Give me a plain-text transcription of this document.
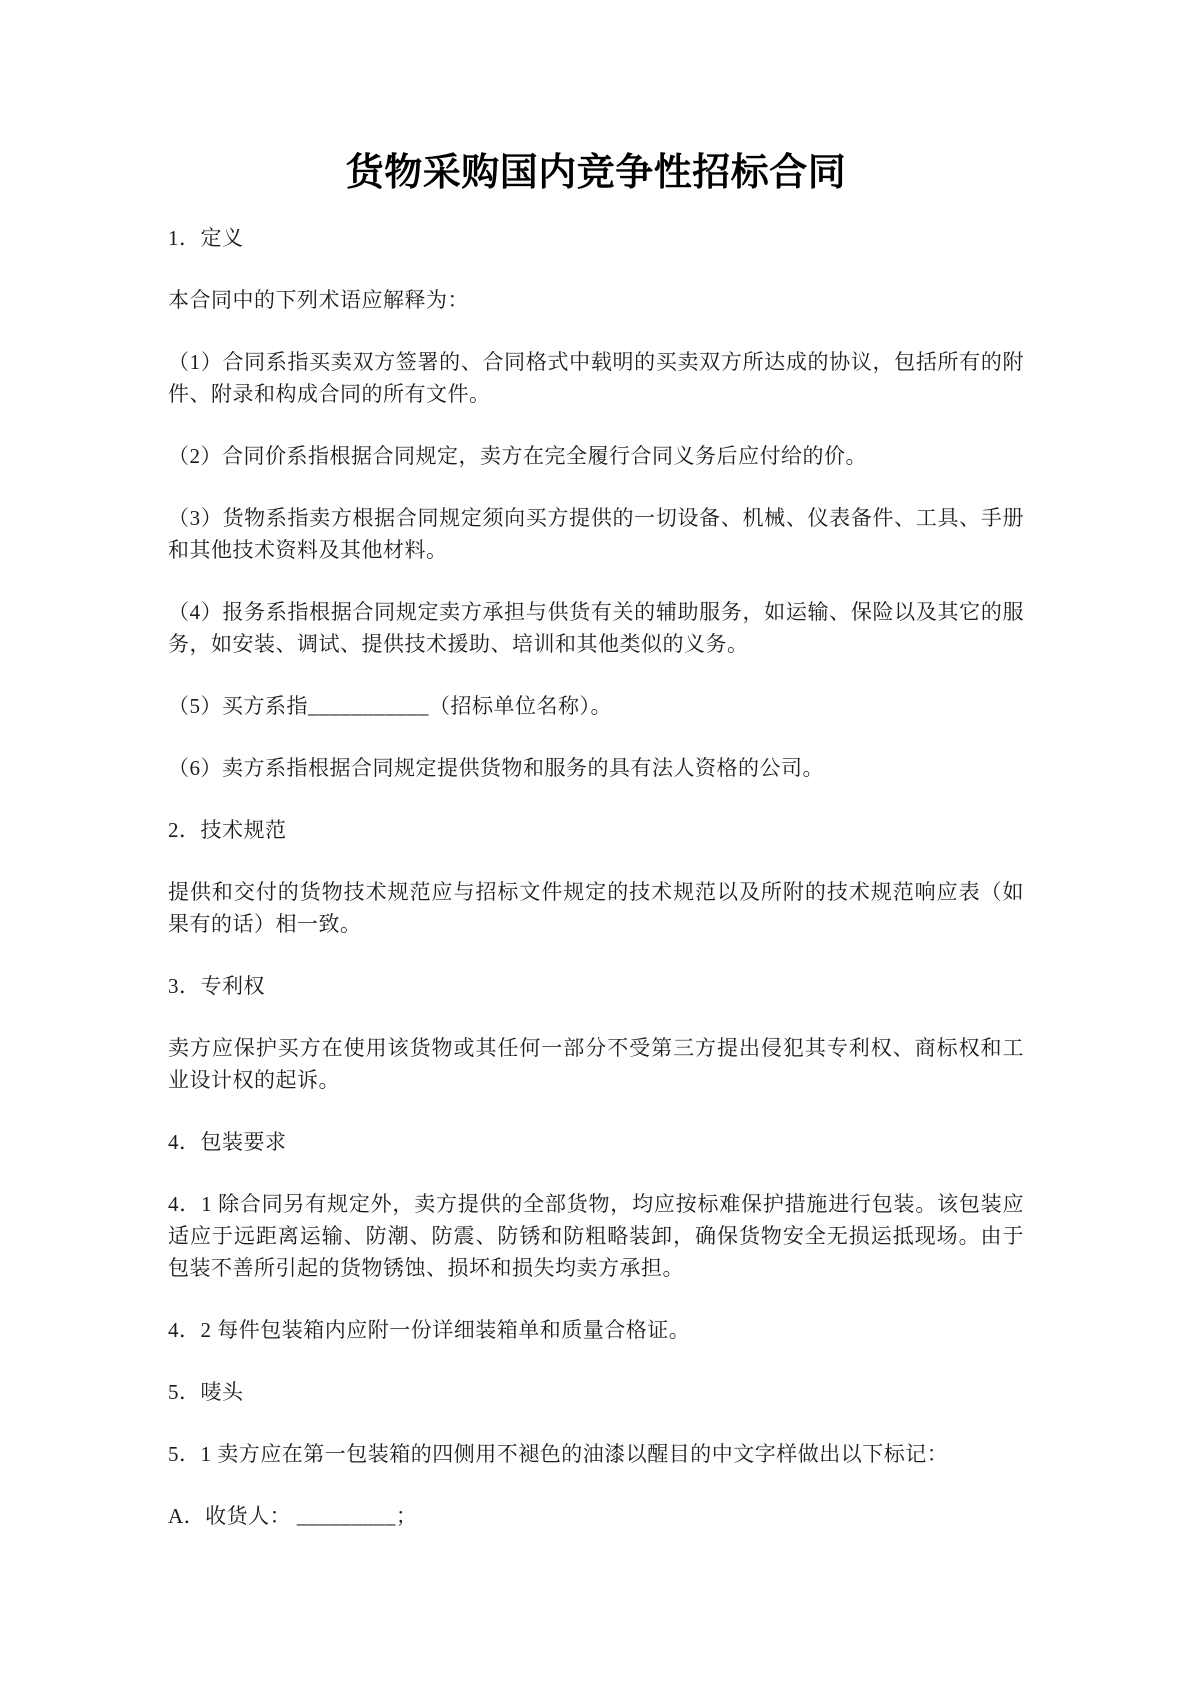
货物采购国内竞争性招标合同

1．定义

本合同中的下列术语应解释为：

（1）合同系指买卖双方签署的、合同格式中载明的买卖双方所达成的协议，包括所有的附件、附录和构成合同的所有文件。

（2）合同价系指根据合同规定，卖方在完全履行合同义务后应付给的价。

（3）货物系指卖方根据合同规定须向买方提供的一切设备、机械、仪表备件、工具、手册和其他技术资料及其他材料。

（4）报务系指根据合同规定卖方承担与供货有关的辅助服务，如运输、保险以及其它的服务，如安装、调试、提供技术援助、培训和其他类似的义务。

（5）买方系指___________（招标单位名称）。

（6）卖方系指根据合同规定提供货物和服务的具有法人资格的公司。

2．技术规范

提供和交付的货物技术规范应与招标文件规定的技术规范以及所附的技术规范响应表（如果有的话）相一致。

3．专利权

卖方应保护买方在使用该货物或其任何一部分不受第三方提出侵犯其专利权、商标权和工业设计权的起诉。

4．包装要求

4．1 除合同另有规定外，卖方提供的全部货物，均应按标难保护措施进行包装。该包装应适应于远距离运输、防潮、防震、防锈和防粗略装卸，确保货物安全无损运抵现场。由于包装不善所引起的货物锈蚀、损坏和损失均卖方承担。

4．2 每件包装箱内应附一份详细装箱单和质量合格证。

5．唛头

5．1 卖方应在第一包装箱的四侧用不褪色的油漆以醒目的中文字样做出以下标记：

A．收货人： _________；
